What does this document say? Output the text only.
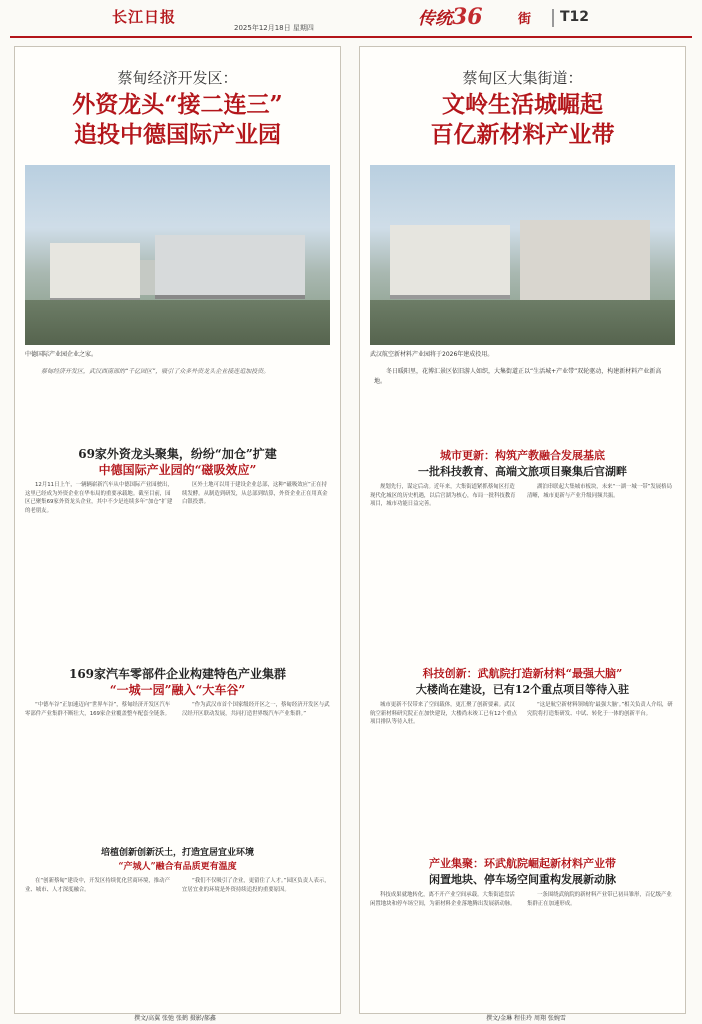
长江日报
2025年12月18日 星期四	传统36	街	T12
蔡甸经济开发区：
外资龙头“接二连三”
追投中德国际产业园
中德国际产业园企业之家。
蔡甸经济开发区，武汉西南部的“千亿园区”，吸引了众多外资龙头企业接连追加投资。
69家外资龙头聚集，纷纷“加仓”扩建
中德国际产业园的“磁吸效应”

12月11日上午，一辆辆崭新汽车从中德国际产业园驶出，这里已经成为外资企业在华布局的重要承载地。截至目前，园区已聚集69家外资龙头企业，其中不少是连续多年“加仓”扩建的老朋友。

区外土地可以用于建设企业总部，这种“磁吸效应”正在持续发酵。从制造到研发，从总部到结算，外资企业正在用真金白银投票。

169家汽车零部件企业构建特色产业集群
“一城一园”融入“大车谷”

“中德车谷”正加速迈向“世界车谷”，蔡甸经济开发区汽车零部件产业集群不断壮大，169家企业覆盖整车配套全链条。

“作为武汉市首个国家级经开区之一，蔡甸经济开发区与武汉经开区联动发展，共同打造世界级汽车产业集群。”

培植创新创新沃土，打造宜居宜业环境
“产城人”融合有品质更有温度

在“创新蔡甸”建设中，开发区持续优化营商环境，推动产业、城市、人才深度融合。

“我们不仅吸引了企业，更留住了人才。”园区负责人表示，宜居宜业的环境是外资持续追投的重要原因。

蔡甸区大集街道：
文岭生活城崛起
百亿新材料产业带
武汉航空新材料产业园将于2026年建成投用。
冬日暖阳里，花博汇景区依旧游人如织，大集街道正以“生活城+产业带”双轮驱动，构建新材料产业新高地。
城市更新：构筑产教融合发展基底
一批科技教育、高端文旅项目聚集后官湖畔

规划先行，谋定后动。近年来，大集街道紧抓蔡甸区打造现代化城区的历史机遇，以后官湖为核心，布局一批科技教育项目，城市功能日益完善。

湖泊串联起大集城市板块，未来“一湖一城一带”发展格局清晰，城市更新与产业升级同频共振。

科技创新：武航院打造新材料“最强大脑”
大楼尚在建设，已有12个重点项目等待入驻

城市更新不仅带来了空间载体，更汇聚了创新要素。武汉航空新材料研究院正在加快建设，大楼尚未竣工已有12个重点项目排队等待入驻。

“这是航空新材料领域的‘最强大脑’。”相关负责人介绍，研究院将打造集研发、中试、转化于一体的创新平台。

产业集聚：环武航院崛起新材料产业带
闲置地块、停车场空间重构发展新动脉

科技成果就地转化，离不开产业空间承载。大集街道盘活闲置地块和停车场空间，为新材料企业落地腾出发展新动脉。

一条围绕武航院的新材料产业带已初具雏形，百亿级产业集群正在加速形成。

撰文/高翼 张弛 张鹤 摄影/郝鑫	撰文/金琳 程佳玲 周翔 张婉雪
